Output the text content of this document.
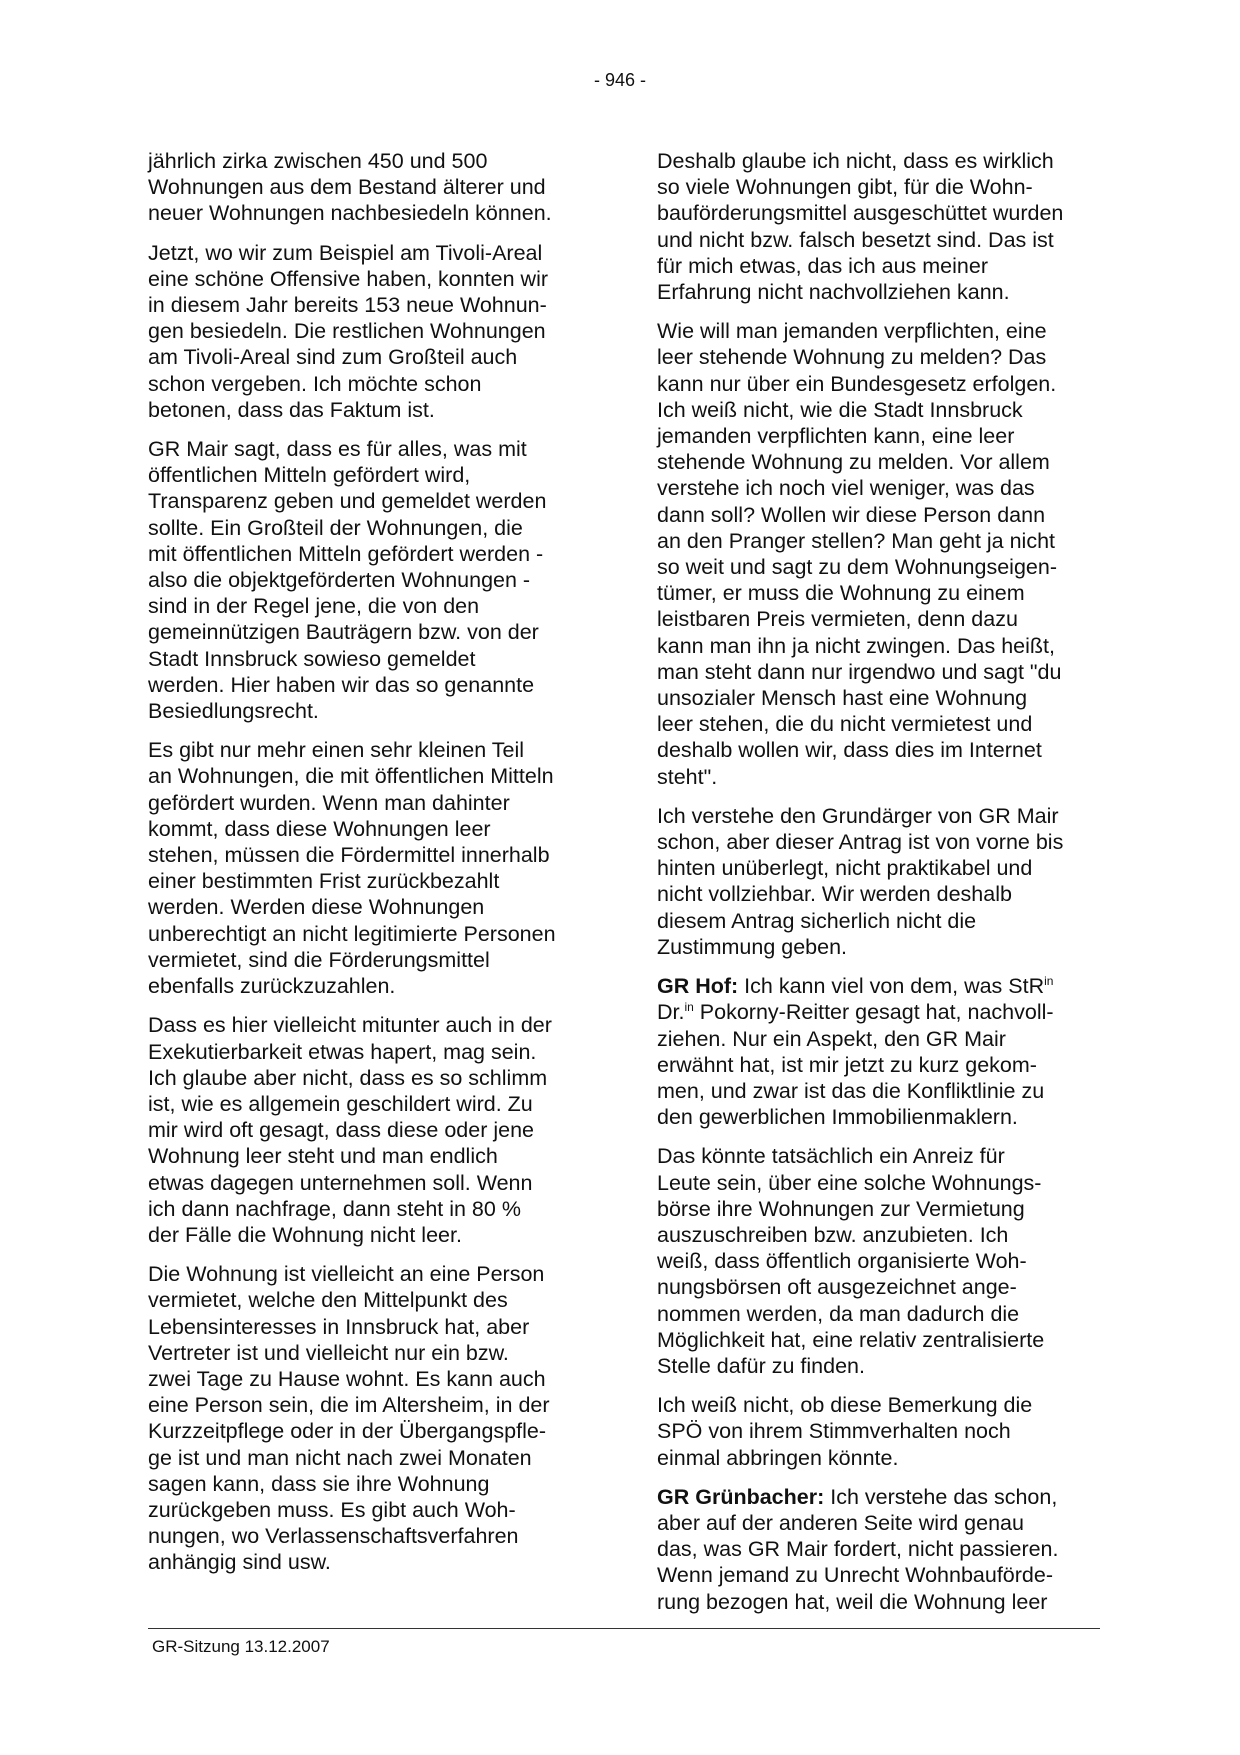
- 946 -

jährlich zirka zwischen 450 und 500
Wohnungen aus dem Bestand älterer und
neuer Wohnungen nachbesiedeln können.

Jetzt, wo wir zum Beispiel am Tivoli-Areal
eine schöne Offensive haben, konnten wir
in diesem Jahr bereits 153 neue Wohnun-
gen besiedeln. Die restlichen Wohnungen
am Tivoli-Areal sind zum Großteil auch
schon vergeben. Ich möchte schon
betonen, dass das Faktum ist.

GR Mair sagt, dass es für alles, was mit
öffentlichen Mitteln gefördert wird,
Transparenz geben und gemeldet werden
sollte. Ein Großteil der Wohnungen, die
mit öffentlichen Mitteln gefördert werden -
also die objektgeförderten Wohnungen -
sind in der Regel jene, die von den
gemeinnützigen Bauträgern bzw. von der
Stadt Innsbruck sowieso gemeldet
werden. Hier haben wir das so genannte
Besiedlungsrecht.

Es gibt nur mehr einen sehr kleinen Teil
an Wohnungen, die mit öffentlichen Mitteln
gefördert wurden. Wenn man dahinter
kommt, dass diese Wohnungen leer
stehen, müssen die Fördermittel innerhalb
einer bestimmten Frist zurückbezahlt
werden. Werden diese Wohnungen
unberechtigt an nicht legitimierte Personen
vermietet, sind die Förderungsmittel
ebenfalls zurückzuzahlen.

Dass es hier vielleicht mitunter auch in der
Exekutierbarkeit etwas hapert, mag sein.
Ich glaube aber nicht, dass es so schlimm
ist, wie es allgemein geschildert wird. Zu
mir wird oft gesagt, dass diese oder jene
Wohnung leer steht und man endlich
etwas dagegen unternehmen soll. Wenn
ich dann nachfrage, dann steht in 80 %
der Fälle die Wohnung nicht leer.

Die Wohnung ist vielleicht an eine Person
vermietet, welche den Mittelpunkt des
Lebensinteresses in Innsbruck hat, aber
Vertreter ist und vielleicht nur ein bzw.
zwei Tage zu Hause wohnt. Es kann auch
eine Person sein, die im Altersheim, in der
Kurzzeitpflege oder in der Übergangspfle-
ge ist und man nicht nach zwei Monaten
sagen kann, dass sie ihre Wohnung
zurückgeben muss. Es gibt auch Woh-
nungen, wo Verlassenschaftsverfahren
anhängig sind usw.

Deshalb glaube ich nicht, dass es wirklich
so viele Wohnungen gibt, für die Wohn-
bauförderungsmittel ausgeschüttet wurden
und nicht bzw. falsch besetzt sind. Das ist
für mich etwas, das ich aus meiner
Erfahrung nicht nachvollziehen kann.

Wie will man jemanden verpflichten, eine
leer stehende Wohnung zu melden? Das
kann nur über ein Bundesgesetz erfolgen.
Ich weiß nicht, wie die Stadt Innsbruck
jemanden verpflichten kann, eine leer
stehende Wohnung zu melden. Vor allem
verstehe ich noch viel weniger, was das
dann soll? Wollen wir diese Person dann
an den Pranger stellen? Man geht ja nicht
so weit und sagt zu dem Wohnungseigen-
tümer, er muss die Wohnung zu einem
leistbaren Preis vermieten, denn dazu
kann man ihn ja nicht zwingen. Das heißt,
man steht dann nur irgendwo und sagt "du
unsozialer Mensch hast eine Wohnung
leer stehen, die du nicht vermietest und
deshalb wollen wir, dass dies im Internet
steht".

Ich verstehe den Grundärger von GR Mair
schon, aber dieser Antrag ist von vorne bis
hinten unüberlegt, nicht praktikabel und
nicht vollziehbar. Wir werden deshalb
diesem Antrag sicherlich nicht die
Zustimmung geben.

GR Hof: Ich kann viel von dem, was StR$^{in}$
Dr.$^{in}$ Pokorny-Reitter gesagt hat, nachvoll-
ziehen. Nur ein Aspekt, den GR Mair
erwähnt hat, ist mir jetzt zu kurz gekom-
men, und zwar ist das die Konfliktlinie zu
den gewerblichen Immobilienmaklern.

Das könnte tatsächlich ein Anreiz für
Leute sein, über eine solche Wohnungs-
börse ihre Wohnungen zur Vermietung
auszuschreiben bzw. anzubieten. Ich
weiß, dass öffentlich organisierte Woh-
nungsbörsen oft ausgezeichnet ange-
nommen werden, da man dadurch die
Möglichkeit hat, eine relativ zentralisierte
Stelle dafür zu finden.

Ich weiß nicht, ob diese Bemerkung die
SPÖ von ihrem Stimmverhalten noch
einmal abbringen könnte.

GR Grünbacher: Ich verstehe das schon,
aber auf der anderen Seite wird genau
das, was GR Mair fordert, nicht passieren.
Wenn jemand zu Unrecht Wohnbauförde-
rung bezogen hat, weil die Wohnung leer

GR-Sitzung 13.12.2007
